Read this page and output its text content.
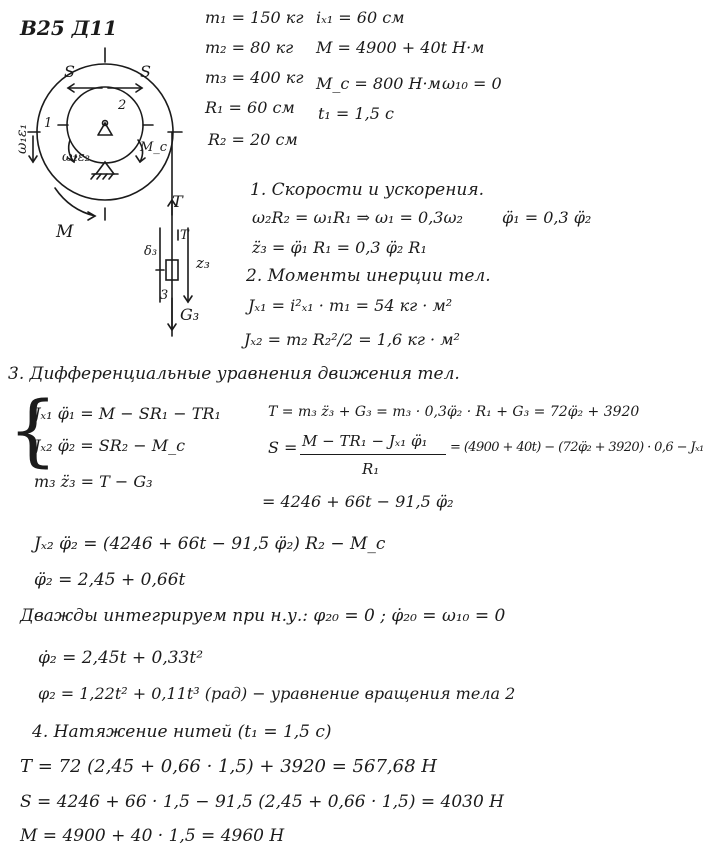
В25 Д11	m₁ = 150 кг
m₂ = 80 кг
m₃ = 400 кг
R₁ = 60 см
R₂ = 20 см
iₓ₁ = 60 см
M = 4900 + 40t Н·м
M_c = 800 Н·м ω₁₀ = 0
t₁ = 1,5 с
S	S
ω₁ε₁
1
2
ω₂ε₂
M_c
M
T
T
δ₃
z₃
3
G₃
1. Скорости и ускорения.
ω₂R₂ = ω₁R₁ ⇒ ω₁ = 0,3ω₂ φ̈₁ = 0,3 φ̈₂
z̈₃ = φ̈₁ R₁ = 0,3 φ̈₂ R₁
2. Моменты инерции тел.
Jₓ₁ = i²ₓ₁ · m₁ = 54 кг · м²
Jₓ₂ = m₂ R₂²/2 = 1,6 кг · м²
3. Дифференциальные уравнения движения тел.
{
Jₓ₁ φ̈₁ = M − SR₁ − TR₁
Jₓ₂ φ̈₂ = SR₂ − M_c
m₃ z̈₃ = T − G₃
T = m₃ z̈₃ + G₃ = m₃ · 0,3φ̈₂ · R₁ + G₃ = 72φ̈₂ + 3920
S = M − TR₁ − Jₓ₁ φ̈₁
R₁
= (4900 + 40t) − (72φ̈₂ + 3920) · 0,6 − Jₓ₁
= 4246 + 66t − 91,5 φ̈₂
Jₓ₂ φ̈₂ = (4246 + 66t − 91,5 φ̈₂) R₂ − M_c
φ̈₂ = 2,45 + 0,66t
Дважды интегрируем при н.у.: φ₂₀ = 0 ; φ̇₂₀ = ω₁₀ = 0
φ̇₂ = 2,45t + 0,33t²
φ₂ = 1,22t² + 0,11t³ (рад) − уравнение вращения тела 2
4. Натяжение нитей (t₁ = 1,5 с)
T = 72 (2,45 + 0,66 · 1,5) + 3920 = 567,68 Н
S = 4246 + 66 · 1,5 − 91,5 (2,45 + 0,66 · 1,5) = 4030 Н
M = 4900 + 40 · 1,5 = 4960 Н
